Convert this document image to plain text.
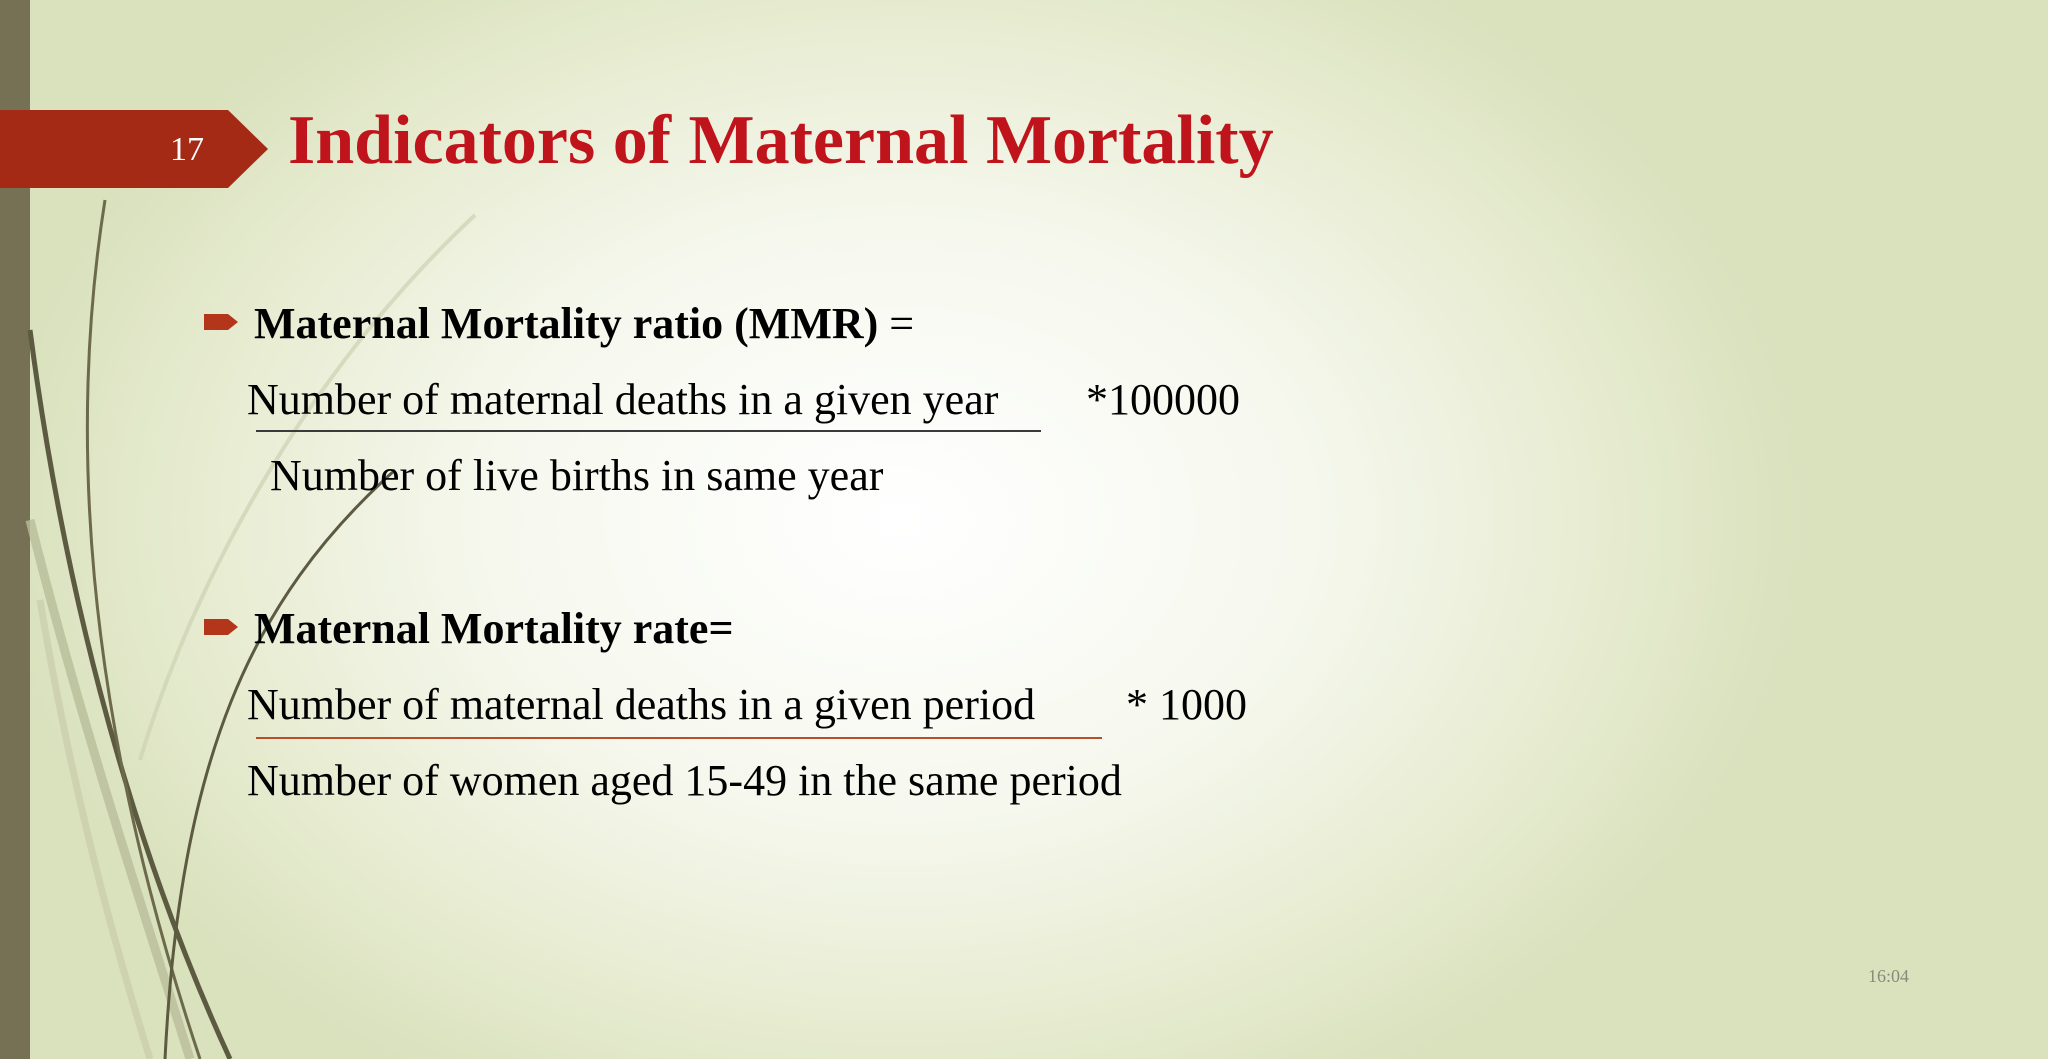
17 Indicators of Maternal Mortality
Maternal Mortality ratio (MMR) =
Number of maternal deaths in a given year *100000
Number of live births in same year
Maternal Mortality rate=
Number of maternal deaths in a given period * 1000
Number of women aged 15-49 in the same period
16:04
